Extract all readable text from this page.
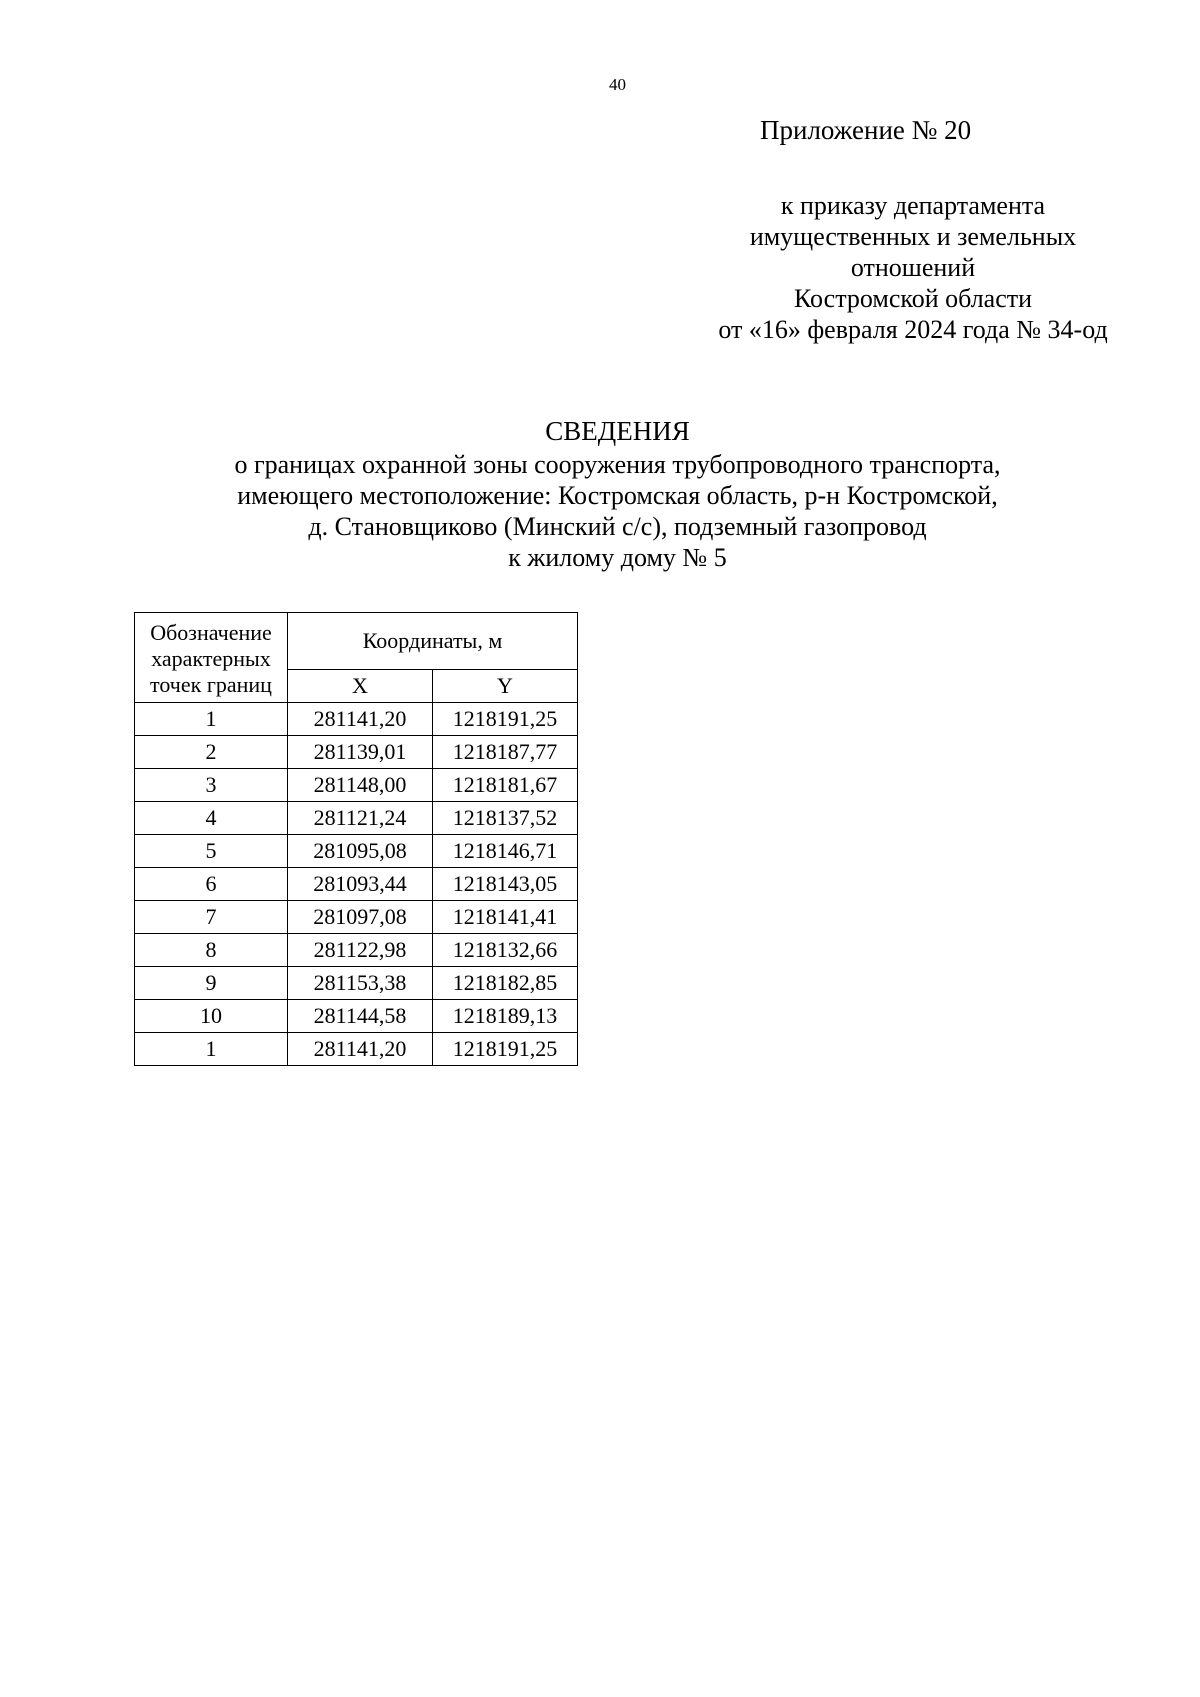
40
Приложение № 20
к приказу департамента
имущественных и земельных
отношений
Костромской области
от «16» февраля 2024 года № 34-од
СВЕДЕНИЯ
о границах охранной зоны сооружения трубопроводного транспорта,
имеющего местоположение: Костромская область, р-н Костромской,
д. Становщиково (Минский с/с), подземный газопровод
к жилому дому № 5
Обозначение
характерных
точек границ	Координаты, м	
	X	Y
1	281141,20	1218191,25
2	281139,01	1218187,77
3	281148,00	1218181,67
4	281121,24	1218137,52
5	281095,08	1218146,71
6	281093,44	1218143,05
7	281097,08	1218141,41
8	281122,98	1218132,66
9	281153,38	1218182,85
10	281144,58	1218189,13
1	281141,20	1218191,25
